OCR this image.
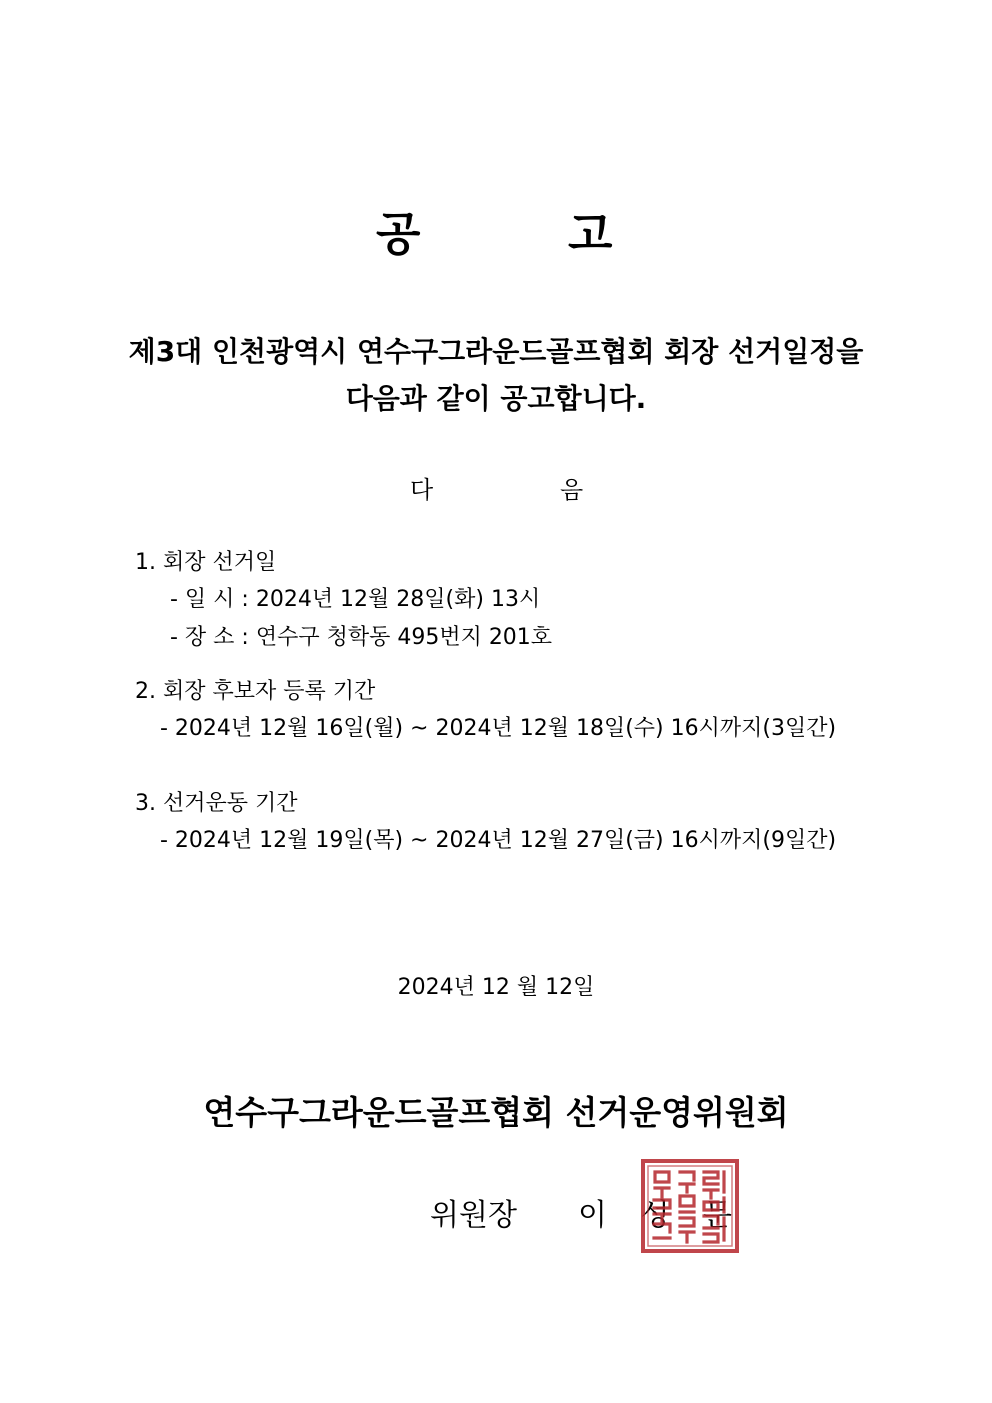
공	고
제3대 인천광역시 연수구그라운드골프협회 회장 선거일정을
다음과 같이 공고합니다.
다	음
1. 회장 선거일
- 일 시 : 2024년 12월 28일(화) 13시
- 장 소 : 연수구 청학동 495번지 201호
2. 회장 후보자 등록 기간
- 2024년 12월 16일(월) ~ 2024년 12월 18일(수) 16시까지(3일간)
3. 선거운동 기간
- 2024년 12월 19일(목) ~ 2024년 12월 27일(금) 16시까지(9일간)
2024년 12 월 12일
연수구그라운드골프협회 선거운영위원회
위원장 이 성 문
